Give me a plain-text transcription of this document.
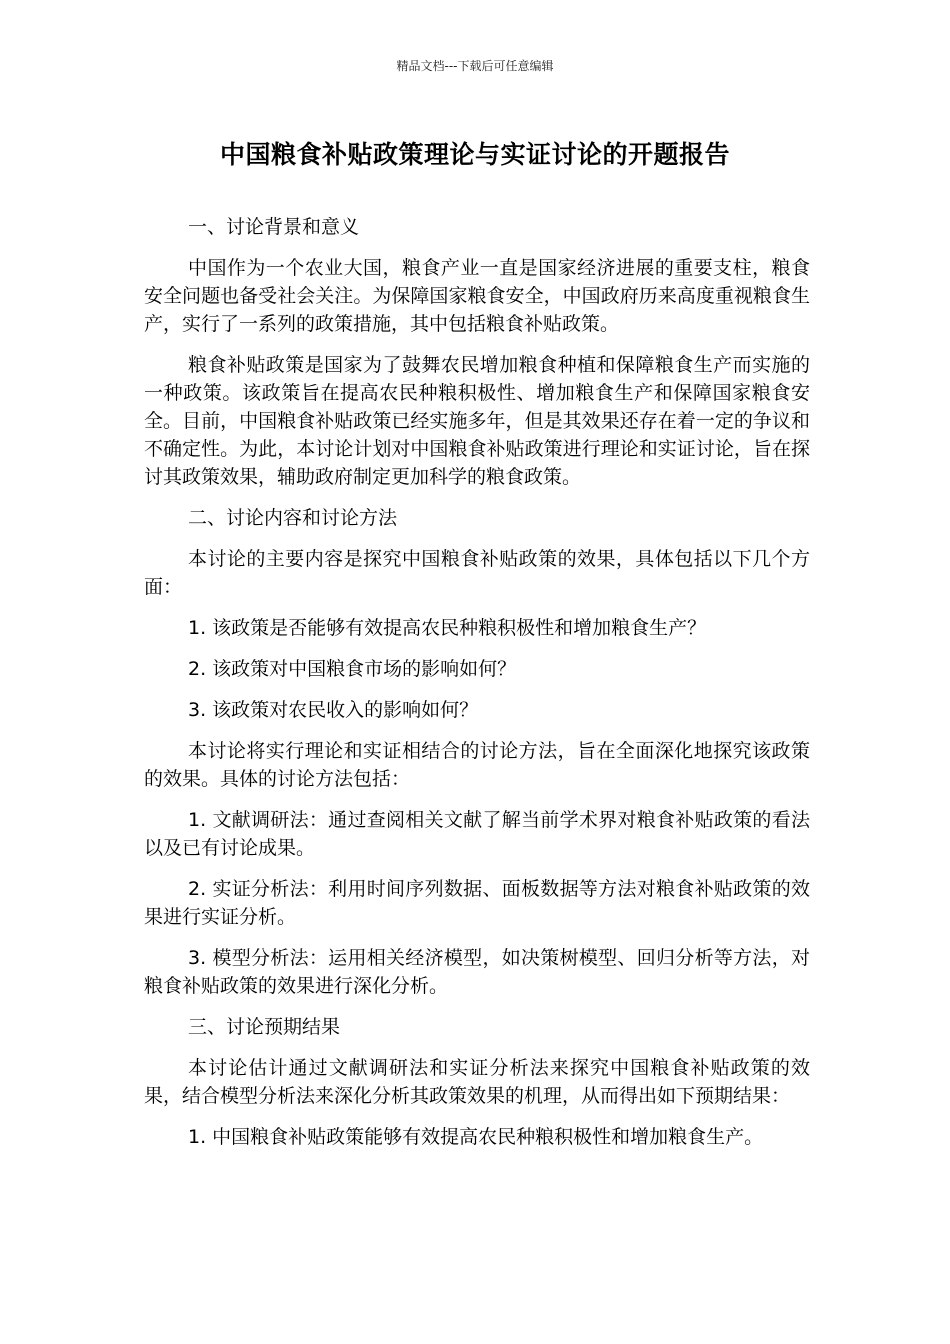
精品文档---下载后可任意编辑
中国粮食补贴政策理论与实证讨论的开题报告

一、讨论背景和意义

中国作为一个农业大国，粮食产业一直是国家经济进展的重要支柱，粮食安全问题也备受社会关注。为保障国家粮食安全，中国政府历来高度重视粮食生产，实行了一系列的政策措施，其中包括粮食补贴政策。

粮食补贴政策是国家为了鼓舞农民增加粮食种植和保障粮食生产而实施的一种政策。该政策旨在提高农民种粮积极性、增加粮食生产和保障国家粮食安全。目前，中国粮食补贴政策已经实施多年，但是其效果还存在着一定的争议和不确定性。为此，本讨论计划对中国粮食补贴政策进行理论和实证讨论，旨在探讨其政策效果，辅助政府制定更加科学的粮食政策。

二、讨论内容和讨论方法

本讨论的主要内容是探究中国粮食补贴政策的效果，具体包括以下几个方面：

1. 该政策是否能够有效提高农民种粮积极性和增加粮食生产？

2. 该政策对中国粮食市场的影响如何？

3. 该政策对农民收入的影响如何？

本讨论将实行理论和实证相结合的讨论方法，旨在全面深化地探究该政策的效果。具体的讨论方法包括：

1. 文献调研法：通过查阅相关文献了解当前学术界对粮食补贴政策的看法以及已有讨论成果。

2. 实证分析法：利用时间序列数据、面板数据等方法对粮食补贴政策的效果进行实证分析。

3. 模型分析法：运用相关经济模型，如决策树模型、回归分析等方法，对粮食补贴政策的效果进行深化分析。

三、讨论预期结果

本讨论估计通过文献调研法和实证分析法来探究中国粮食补贴政策的效果，结合模型分析法来深化分析其政策效果的机理，从而得出如下预期结果：

1. 中国粮食补贴政策能够有效提高农民种粮积极性和增加粮食生产。
